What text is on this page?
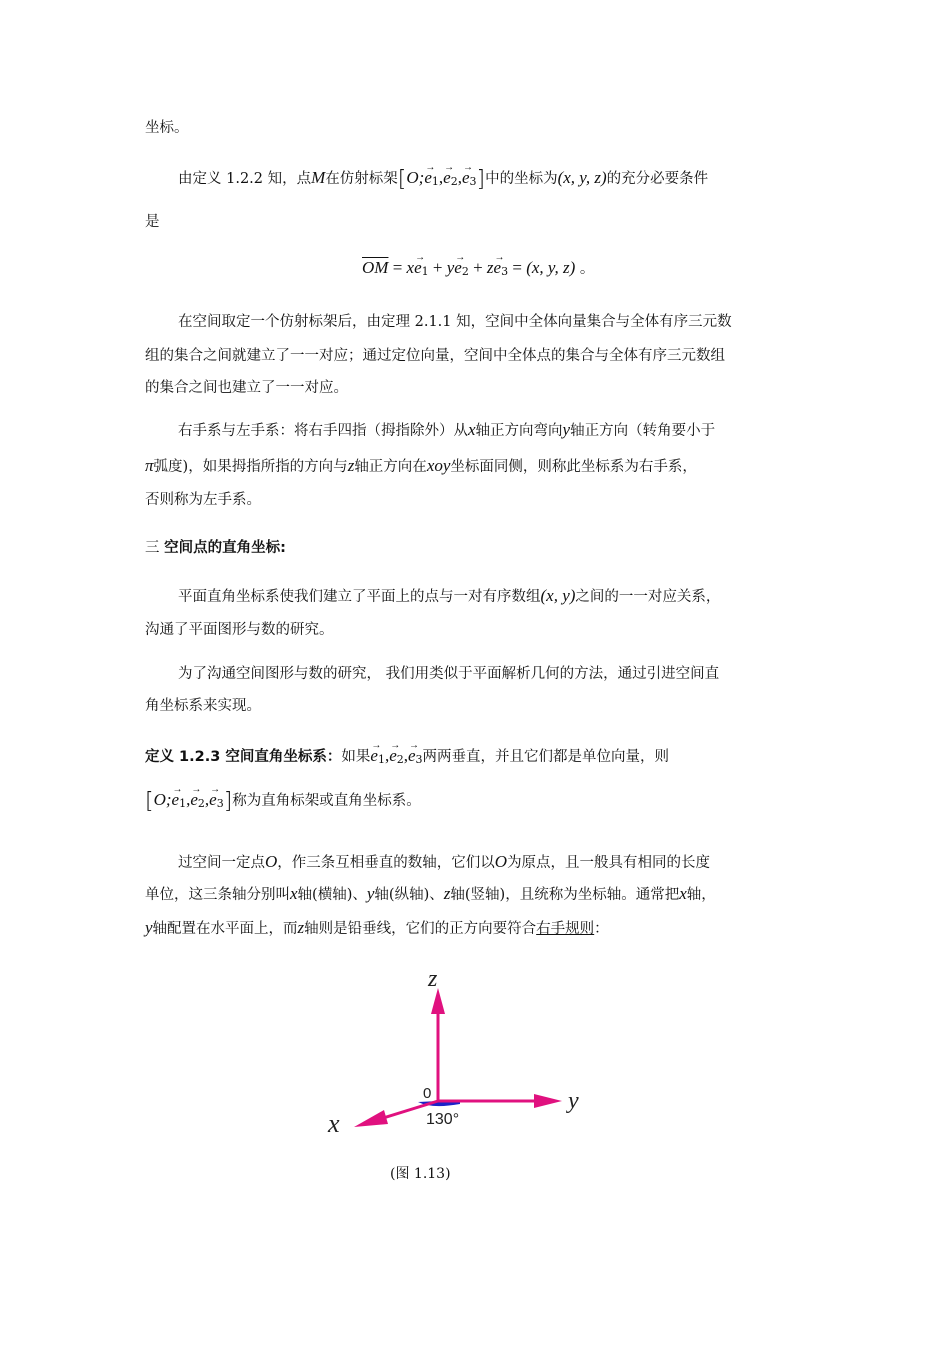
坐标。
由定义 1.2.2 知，点M在仿射标架[O;→ e1,→ e2,→ e3]中的坐标为(x, y, z)的充分必要条件
是
$\overline{OM} = x\to e1 + y\to e2 + z\to e3 = (x$, y, z) 。
在空间取定一个仿射标架后，由定理 2.1.1 知，空间中全体向量集合与全体有序三元数
组的集合之间就建立了一一对应；通过定位向量，空间中全体点的集合与全体有序三元数组
的集合之间也建立了一一对应。
右手系与左手系：将右手四指（拇指除外）从x轴正方向弯向y轴正方向（转角要小于
π弧度)，如果拇指所指的方向与z轴正方向在xoy坐标面同侧，则称此坐标系为右手系，
否则称为左手系。
三 空间点的直角坐标:
平面直角坐标系使我们建立了平面上的点与一对有序数组(x, y)之间的一一对应关系，
沟通了平面图形与数的研究。
为了沟通空间图形与数的研究， 我们用类似于平面解析几何的方法，通过引进空间直
角坐标系来实现。
定义 1.2.3 空间直角坐标系：如果→ e1,→ e2,→ e3两两垂直，并且它们都是单位向量，则
[O;→ e1,→ e2,→ e3]称为直角标架或直角坐标系。
过空间一定点O，作三条互相垂直的数轴，它们以O为原点，且一般具有相同的长度
单位，这三条轴分别叫x轴(横轴)、y轴(纵轴)、z轴(竖轴)，且统称为坐标轴。通常把x轴，
y轴配置在水平面上，而z轴则是铅垂线，它们的正方向要符合右手规则：
z
y
x
0
130°
(图 1.13)
